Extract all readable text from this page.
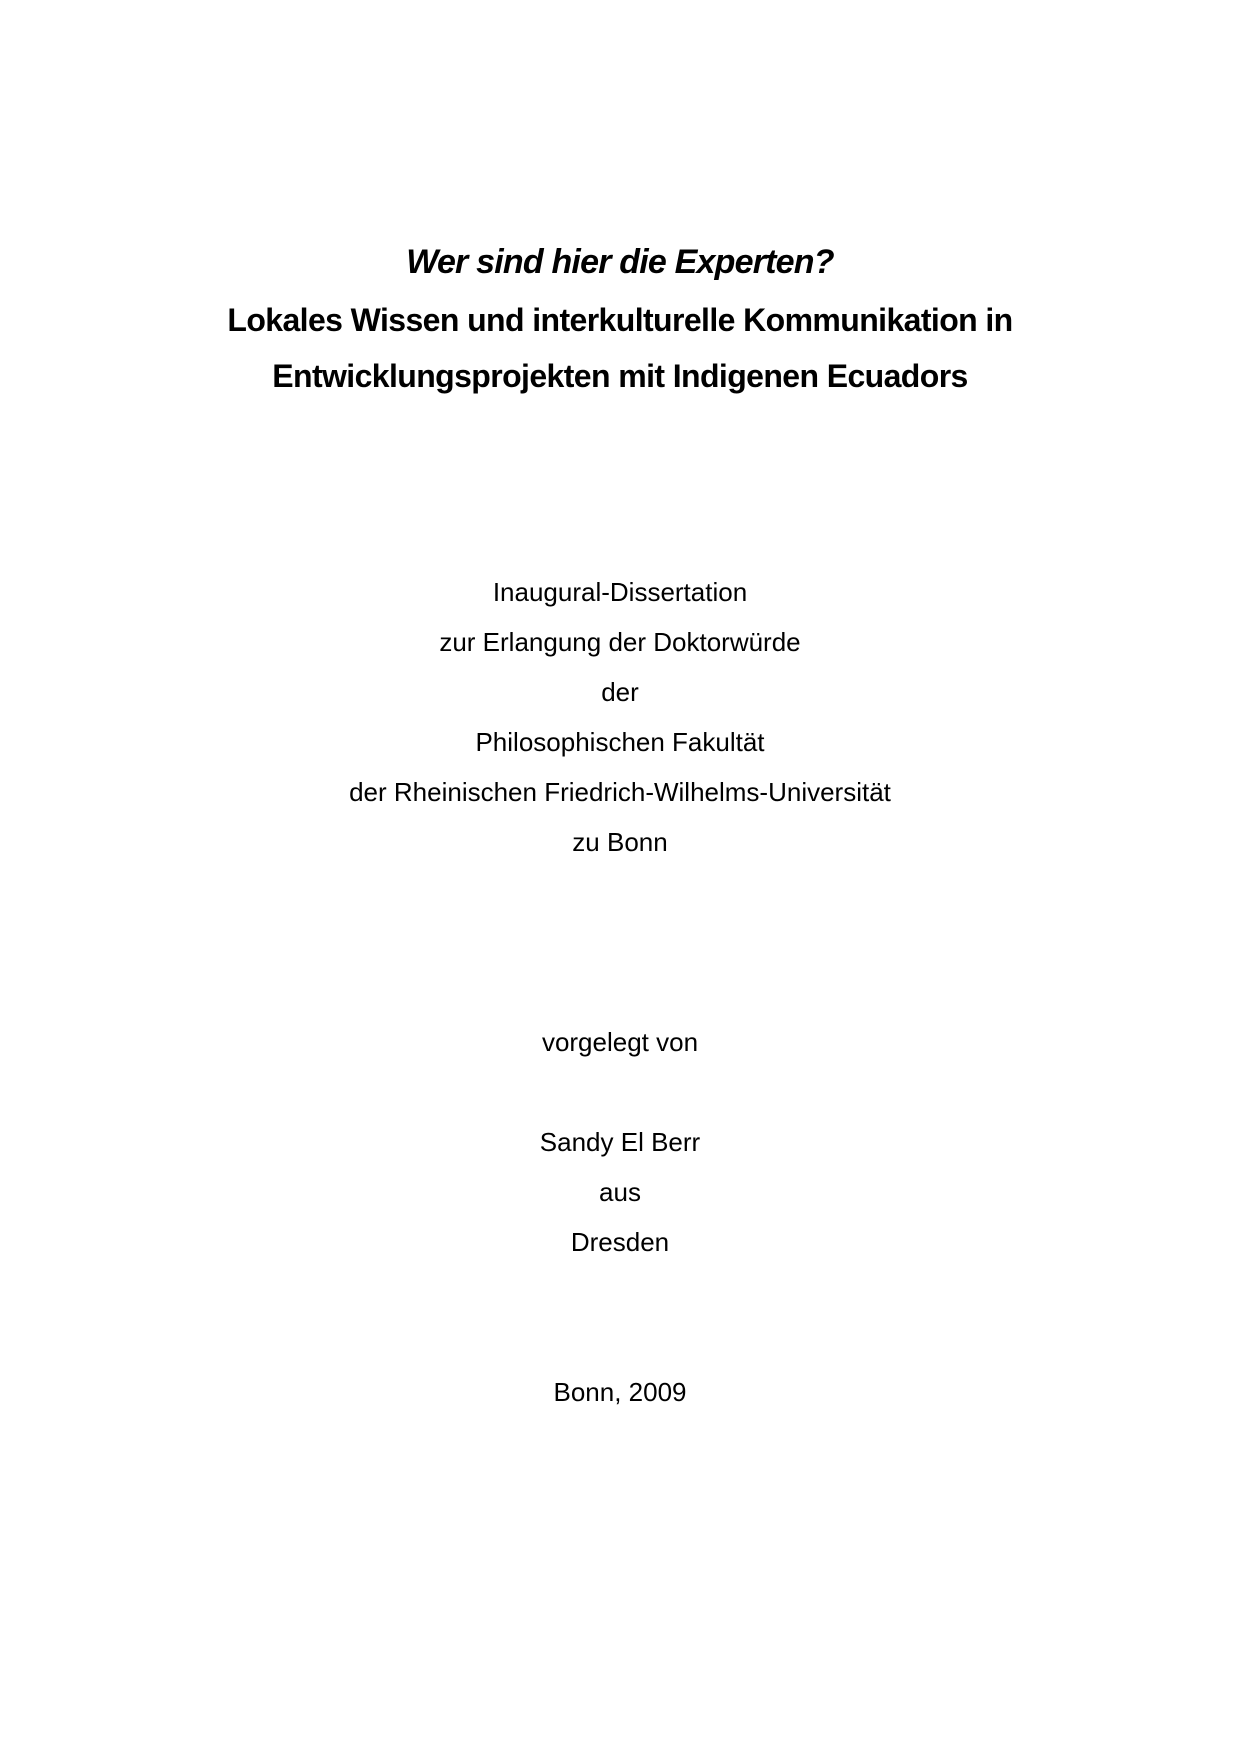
Wer sind hier die Experten?
Lokales Wissen und interkulturelle Kommunikation in
Entwicklungsprojekten mit Indigenen Ecuadors

Inaugural-Dissertation

zur Erlangung der Doktorwürde

der

Philosophischen Fakultät

der Rheinischen Friedrich-Wilhelms-Universität

zu Bonn

vorgelegt von

Sandy El Berr

aus

Dresden

Bonn, 2009
